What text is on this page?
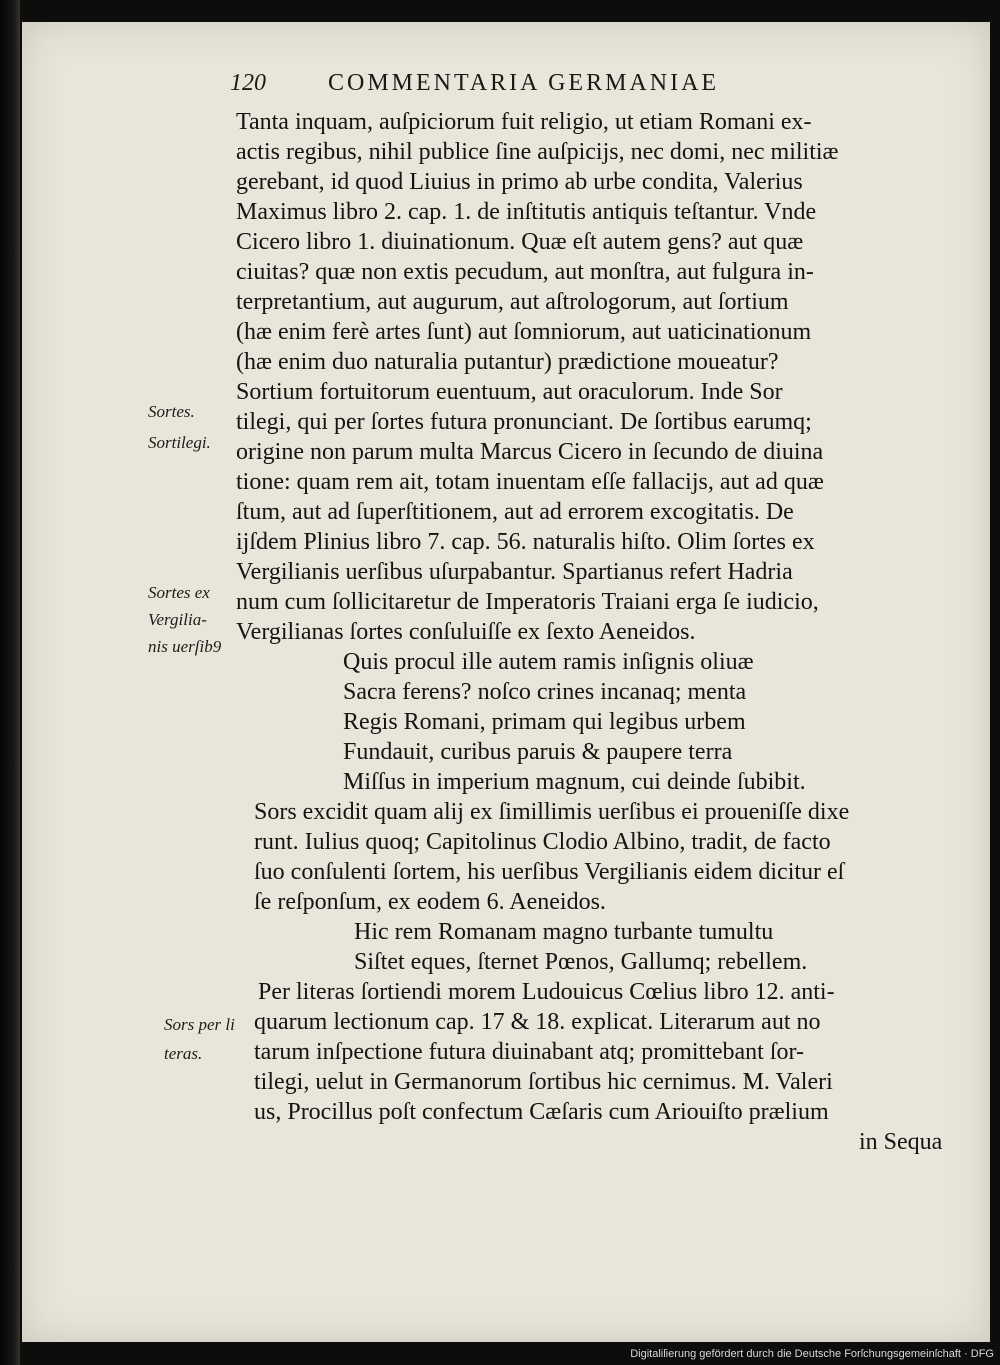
120	COMMENTARIA GERMANIAE
Tanta inquam, auſpiciorum fuit religio, ut etiam Romani ex-
actis regibus, nihil publice ſine auſpicijs, nec domi, nec militiæ
gerebant, id quod Liuius in primo ab urbe condita, Valerius
Maximus libro 2. cap. 1. de inſtitutis antiquis teſtantur. Vnde
Cicero libro 1. diuinationum. Quæ eſt autem gens? aut quæ
ciuitas? quæ non extis pecudum, aut monſtra, aut fulgura in-
terpretantium, aut augurum, aut aſtrologorum, aut ſortium
(hæ enim ferè artes ſunt) aut ſomniorum, aut uaticinationum
(hæ enim duo naturalia putantur) prædictione moueatur?
Sortium fortuitorum euentuum, aut oraculorum. Inde Sor
tilegi, qui per ſortes futura pronunciant. De ſortibus earumq;
origine non parum multa Marcus Cicero in ſecundo de diuina
tione: quam rem ait, totam inuentam eſſe fallacijs, aut ad quæ
ſtum, aut ad ſuperſtitionem, aut ad errorem excogitatis. De
ijſdem Plinius libro 7. cap. 56. naturalis hiſto. Olim ſortes ex
Vergilianis uerſibus uſurpabantur. Spartianus refert Hadria
num cum ſollicitaretur de Imperatoris Traiani erga ſe iudicio,
Vergilianas ſortes conſuluiſſe ex ſexto Aeneidos.
Quis procul ille autem ramis inſignis oliuæ
Sacra ferens? noſco crines incanaq; menta
Regis Romani, primam qui legibus urbem
Fundauit, curibus paruis & paupere terra
Miſſus in imperium magnum, cui deinde ſubibit.
Sors excidit quam alij ex ſimillimis uerſibus ei proueniſſe dixe
runt. Iulius quoq; Capitolinus Clodio Albino, tradit, de facto
ſuo conſulenti ſortem, his uerſibus Vergilianis eidem dicitur eſ
ſe reſponſum, ex eodem 6. Aeneidos.
Hic rem Romanam magno turbante tumultu
Siſtet eques, ſternet Pœnos, Gallumq; rebellem.
Per literas ſortiendi morem Ludouicus Cœlius libro 12. anti-
quarum lectionum cap. 17 & 18. explicat. Literarum aut no
tarum inſpectione futura diuinabant atq; promittebant ſor-
tilegi, uelut in Germanorum ſortibus hic cernimus. M. Valeri
us, Procillus poſt confectum Cæſaris cum Ariouiſto prælium
in Sequa
Sortes.
Sortilegi.
Sortes ex
Vergilia-
nis uerſib9
Sors per li
teras.
Digitaliſierung gefördert durch die Deutsche Forſchungsgemeinſchaft · DFG
